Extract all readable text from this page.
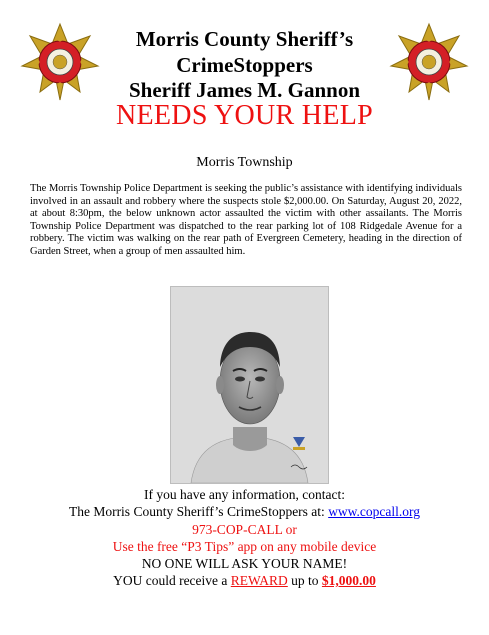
Morris County Sheriff’s
CrimeStoppers
Sheriff James M. Gannon
NEEDS YOUR HELP
Morris Township

The Morris Township Police Department is seeking the public’s assistance with identifying individuals involved in an assault and robbery where the suspects stole $2,000.00. On Saturday, August 20, 2022, at about 8:30pm, the below unknown actor assaulted the victim with other assailants. The Morris Township Police Department was dispatched to the rear parking lot of 108 Ridgedale Avenue for a robbery. The victim was walking on the rear path of Evergreen Cemetery, heading in the direction of Garden Street, when a group of men assaulted him.

If you have any information, contact:
The Morris County Sheriff’s CrimeStoppers at: www.copcall.org
973-COP-CALL or
Use the free “P3 Tips” app on any mobile device
NO ONE WILL ASK YOUR NAME!
YOU could receive a REWARD up to $1,000.00
